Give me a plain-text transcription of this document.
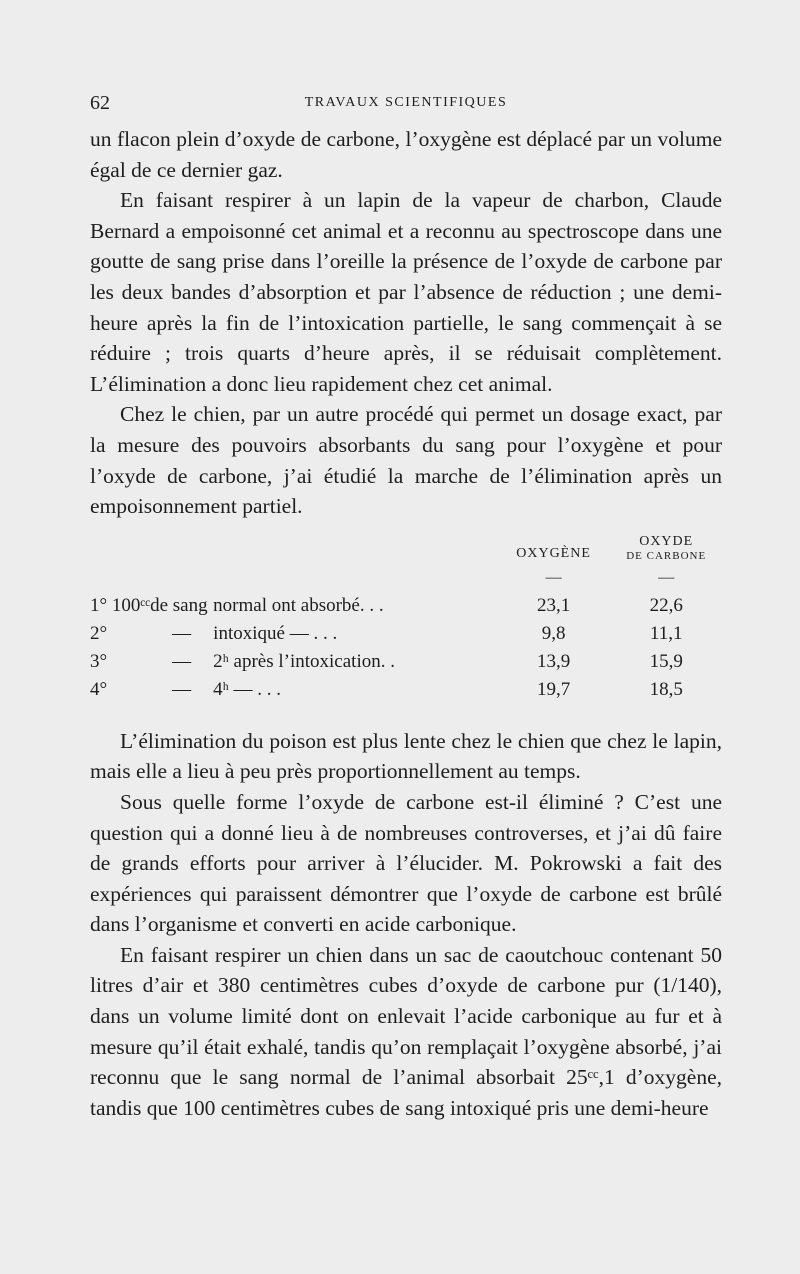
62	TRAVAUX SCIENTIFIQUES

un flacon plein d’oxyde de carbone, l’oxygène est déplacé par un volume égal de ce dernier gaz.

En faisant respirer à un lapin de la vapeur de charbon, Claude Bernard a empoisonné cet animal et a reconnu au spectroscope dans une goutte de sang prise dans l’oreille la présence de l’oxyde de carbone par les deux bandes d’absorption et par l’absence de réduction ; une demi-heure après la fin de l’intoxication partielle, le sang commençait à se réduire ; trois quarts d’heure après, il se réduisait complètement. L’élimination a donc lieu rapidement chez cet animal.

Chez le chien, par un autre procédé qui permet un dosage exact, par la mesure des pouvoirs absorbants du sang pour l’oxygène et pour l’oxyde de carbone, j’ai étudié la marche de l’élimination après un empoisonnement partiel.

			OXYGÈNE	OXYDE
DE CARBONE

			—	—
1° 100ᶜᶜ	de sang	normal ont absorbé. . .	23,1	22,6
2°	—	intoxiqué — . . .	9,8	11,1
3°	—	2ʰ après l’intoxication. .	13,9	15,9
4°	—	4ʰ — . . .	19,7	18,5

L’élimination du poison est plus lente chez le chien que chez le lapin, mais elle a lieu à peu près proportionnellement au temps.

Sous quelle forme l’oxyde de carbone est-il éliminé ? C’est une question qui a donné lieu à de nombreuses controverses, et j’ai dû faire de grands efforts pour arriver à l’élucider. M. Pokrowski a fait des expériences qui paraissent démontrer que l’oxyde de carbone est brûlé dans l’organisme et converti en acide carbonique.

En faisant respirer un chien dans un sac de caoutchouc contenant 50 litres d’air et 380 centimètres cubes d’oxyde de carbone pur (1/140), dans un volume limité dont on enlevait l’acide carbonique au fur et à mesure qu’il était exhalé, tandis qu’on remplaçait l’oxygène absorbé, j’ai reconnu que le sang normal de l’animal absorbait 25ᶜᶜ,1 d’oxygène, tandis que 100 centimètres cubes de sang intoxiqué pris une demi-heure
